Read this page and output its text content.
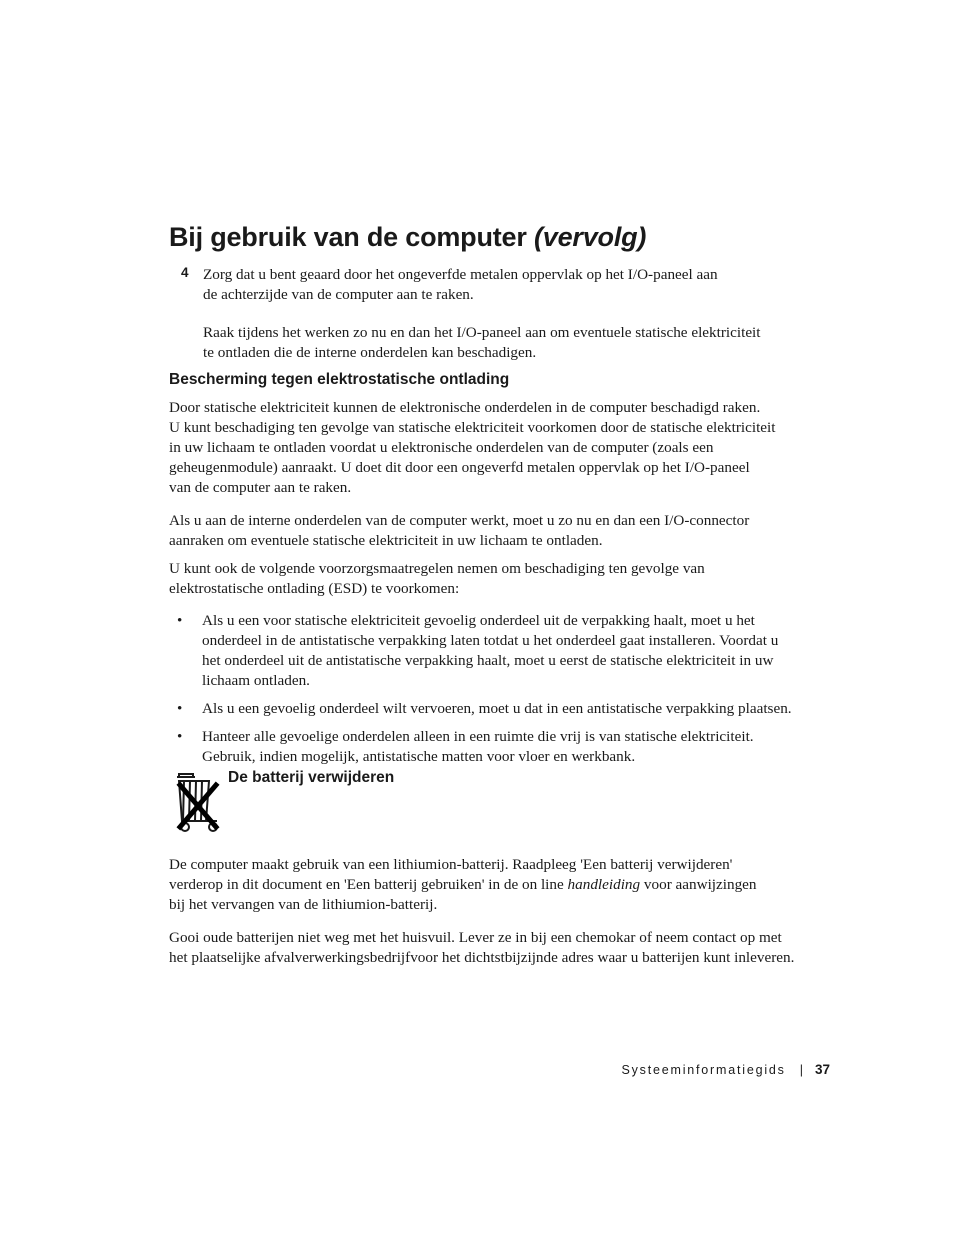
Bij gebruik van de computer (vervolg)
4 Zorg dat u bent geaard door het ongeverfde metalen oppervlak op het I/O-paneel aan
de achterzijde van de computer aan te raken.

Raak tijdens het werken zo nu en dan het I/O-paneel aan om eventuele statische elektriciteit
te ontladen die de interne onderdelen kan beschadigen.

Bescherming tegen elektrostatische ontlading

Door statische elektriciteit kunnen de elektronische onderdelen in de computer beschadigd raken.
U kunt beschadiging ten gevolge van statische elektriciteit voorkomen door de statische elektriciteit
in uw lichaam te ontladen voordat u elektronische onderdelen van de computer (zoals een
geheugenmodule) aanraakt. U doet dit door een ongeverfd metalen oppervlak op het I/O-paneel
van de computer aan te raken.

Als u aan de interne onderdelen van de computer werkt, moet u zo nu en dan een I/O-connector
aanraken om eventuele statische elektriciteit in uw lichaam te ontladen.

U kunt ook de volgende voorzorgsmaatregelen nemen om beschadiging ten gevolge van
elektrostatische ontlading (ESD) te voorkomen:

• Als u een voor statische elektriciteit gevoelig onderdeel uit de verpakking haalt, moet u het
onderdeel in de antistatische verpakking laten totdat u het onderdeel gaat installeren. Voordat u
het onderdeel uit de antistatische verpakking haalt, moet u eerst de statische elektriciteit in uw
lichaam ontladen.
• Als u een gevoelig onderdeel wilt vervoeren, moet u dat in een antistatische verpakking plaatsen.
• Hanteer alle gevoelige onderdelen alleen in een ruimte die vrij is van statische elektriciteit.
Gebruik, indien mogelijk, antistatische matten voor vloer en werkbank.
De batterij verwijderen

De computer maakt gebruik van een lithiumion-batterij. Raadpleeg 'Een batterij verwijderen'
verderop in dit document en 'Een batterij gebruiken' in de on line handleiding voor aanwijzingen
bij het vervangen van de lithiumion-batterij.

Gooi oude batterijen niet weg met het huisvuil. Lever ze in bij een chemokar of neem contact op met
het plaatselijke afvalverwerkingsbedrijfvoor het dichtstbijzijnde adres waar u batterijen kunt inleveren.

Systeeminformatiegids | 37
